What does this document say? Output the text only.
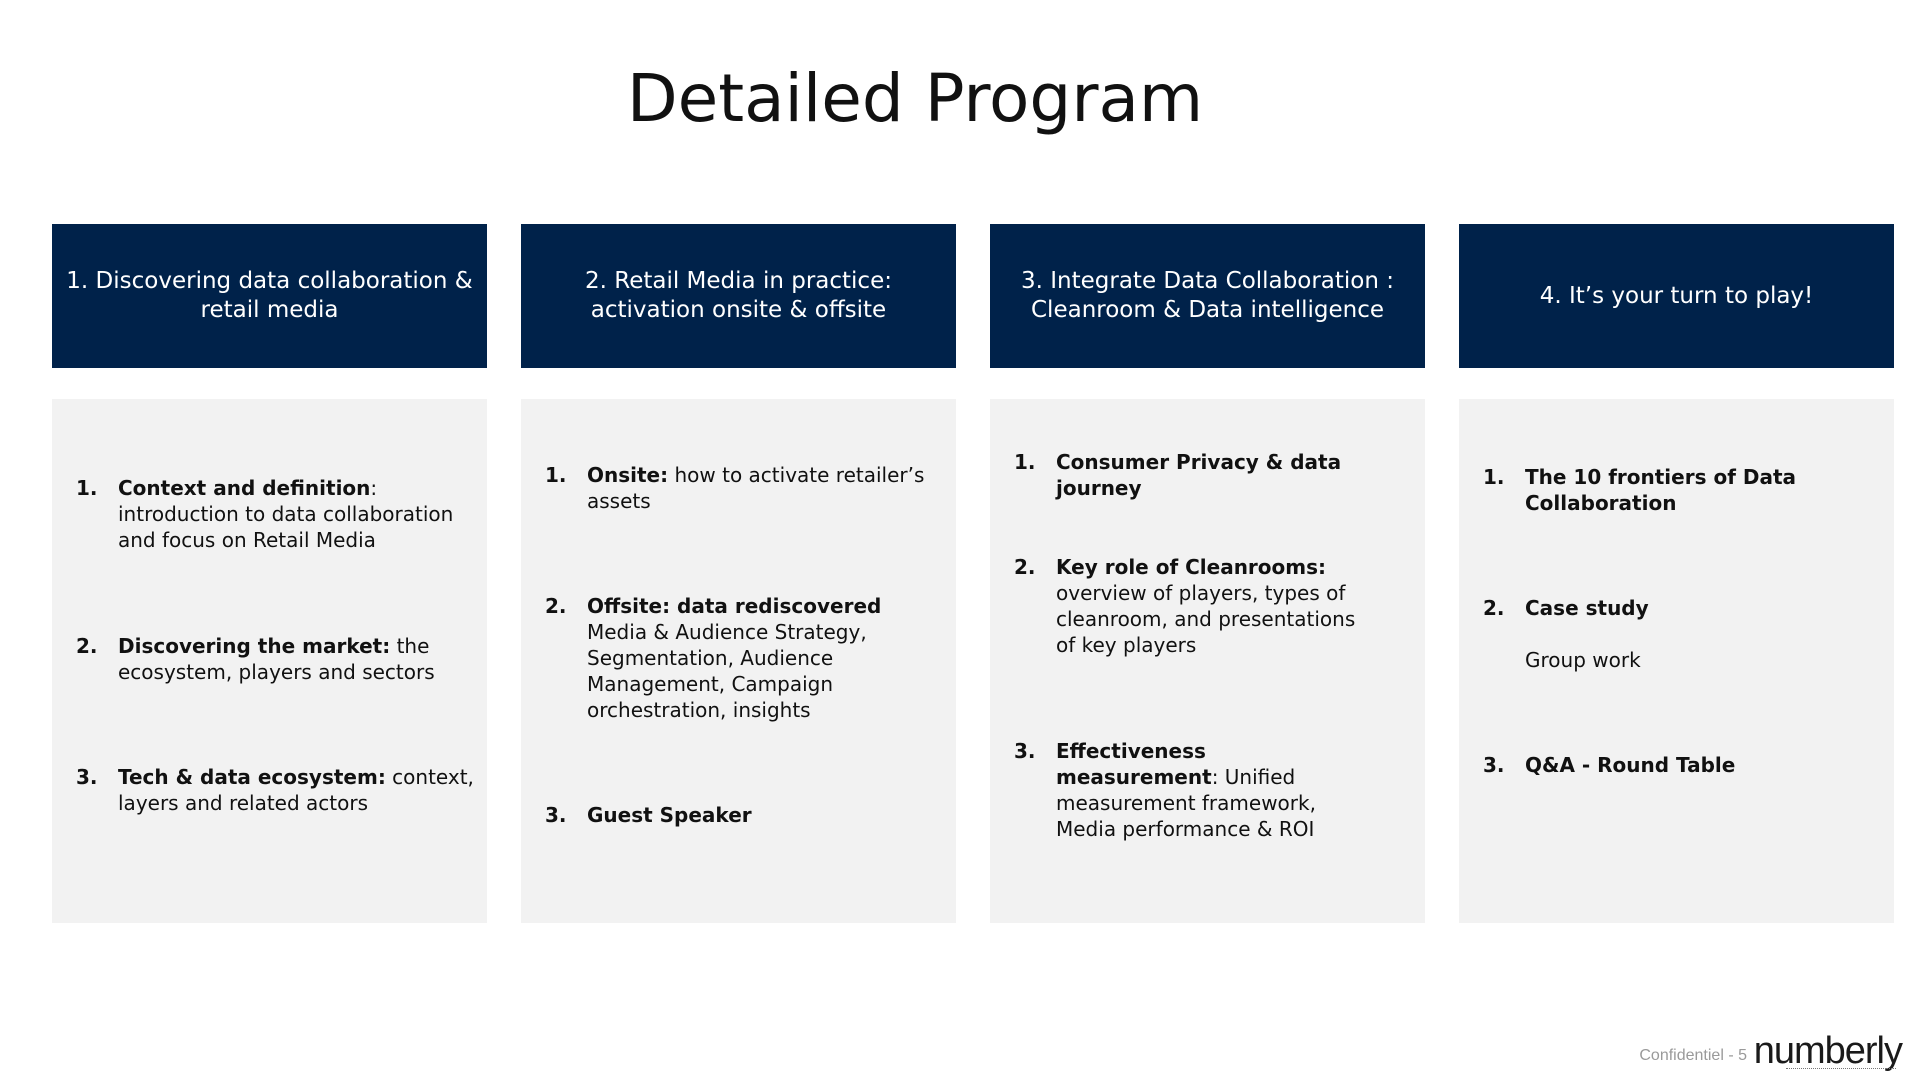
Detailed Program
1. Discovering data collaboration & retail media
1. Context and definition: introduction to data collaboration and focus on Retail Media
2. Discovering the market: the ecosystem, players and sectors
3. Tech & data ecosystem: context, layers and related actors
2. Retail Media in practice: activation onsite & offsite
1. Onsite: how to activate retailer’s assets
2. Offsite: data rediscovered
Media & Audience Strategy, Segmentation, Audience Management, Campaign orchestration, insights
3. Guest Speaker
3. Integrate Data Collaboration : Cleanroom & Data intelligence
1. Consumer Privacy & data journey
2. Key role of Cleanrooms:
overview of players, types of cleanroom, and presentations of key players
3. Effectiveness measurement: Unified measurement framework, Media performance & ROI
4. It’s your turn to play!
1. The 10 frontiers of Data Collaboration
2. Case study
Group work
3. Q&A - Round Table
Confidentiel - 5 numberly
